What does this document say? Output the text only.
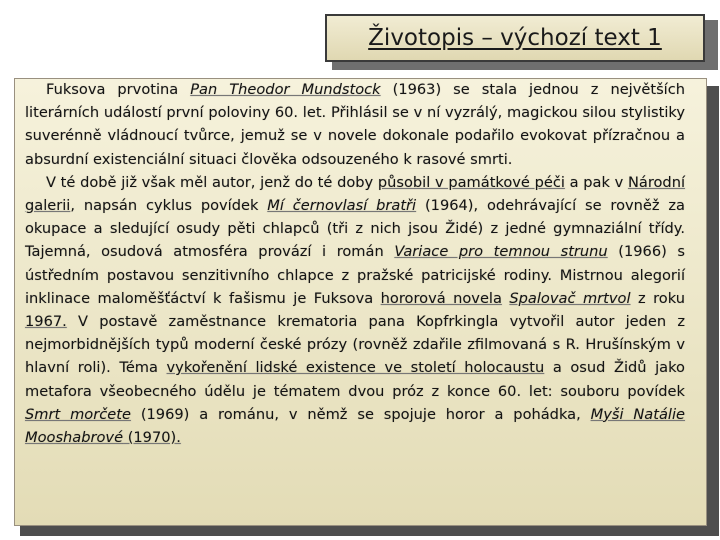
Životopis – výchozí text 1

Fuksova prvotina Pan Theodor Mundstock (1963) se stala jednou z největších literárních událostí první poloviny 60. let. Přihlásil se v ní vyzrálý, magickou silou stylistiky suverénně vládnoucí tvůrce, jemuž se v novele dokonale podařilo evokovat přízračnou a absurdní existenciální situaci člověka odsouzeného k rasové smrti.

V té době již však měl autor, jenž do té doby působil v památkové péči a pak v Národní galerii, napsán cyklus povídek Mí černovlasí bratři (1964), odehrávající se rovněž za okupace a sledující osudy pěti chlapců (tři z nich jsou Židé) z jedné gymnaziální třídy. Tajemná, osudová atmosféra provází i román Variace pro temnou strunu (1966) s ústředním postavou senzitivního chlapce z pražské patricijské rodiny. Mistrnou alegorií inklinace maloměšťáctví k fašismu je Fuksova hororová novela Spalovač mrtvol z roku 1967. V postavě zaměstnance krematoria pana Kopfrkingla vytvořil autor jeden z nejmorbidnějších typů moderní české prózy (rovněž zdařile zfilmovaná s R. Hrušínským v hlavní roli). Téma vykořenění lidské existence ve století holocaustu a osud Židů jako metafora všeobecného údělu je tématem dvou próz z konce 60. let: souboru povídek Smrt morčete (1969) a románu, v němž se spojuje horor a pohádka, Myši Natálie Mooshabrové (1970).
